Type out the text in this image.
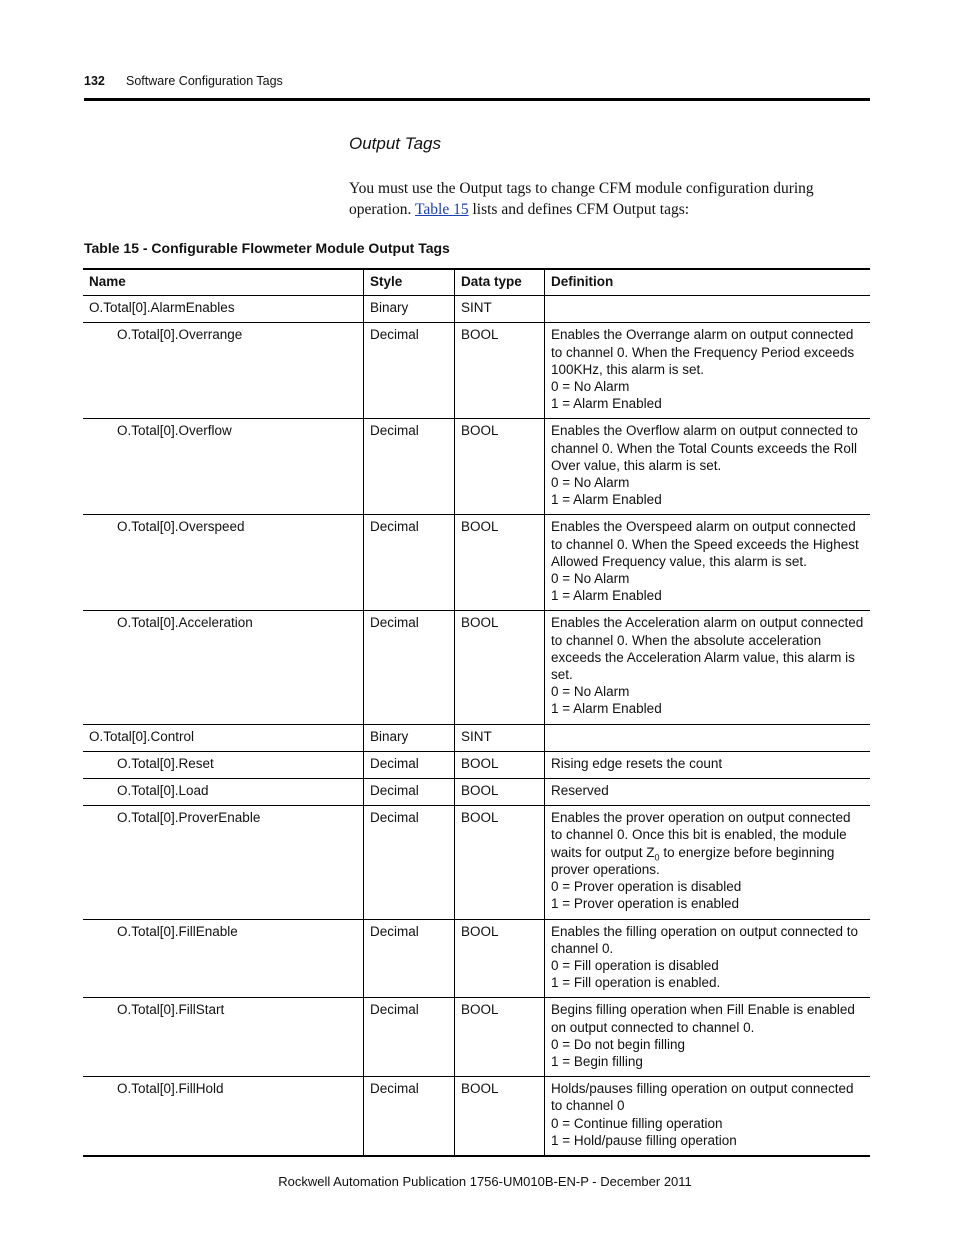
132 Software Configuration Tags
Output Tags

You must use the Output tags to change CFM module configuration during operation. Table 15 lists and defines CFM Output tags:

Table 15 - Configurable Flowmeter Module Output Tags
Name	Style	Data type	Definition
O.Total[0].AlarmEnables	Binary	SINT	
O.Total[0].Overrange	Decimal	BOOL	Enables the Overrange alarm on output connected to channel 0. When the Frequency Period exceeds 100KHz, this alarm is set.
0 = No Alarm
1 = Alarm Enabled

O.Total[0].Overflow	Decimal	BOOL	Enables the Overflow alarm on output connected to channel 0. When the Total Counts exceeds the Roll Over value, this alarm is set.
0 = No Alarm
1 = Alarm Enabled

O.Total[0].Overspeed	Decimal	BOOL	Enables the Overspeed alarm on output connected to channel 0. When the Speed exceeds the Highest Allowed Frequency value, this alarm is set.
0 = No Alarm
1 = Alarm Enabled

O.Total[0].Acceleration	Decimal	BOOL	Enables the Acceleration alarm on output connected to channel 0. When the absolute acceleration exceeds the Acceleration Alarm value, this alarm is set.
0 = No Alarm
1 = Alarm Enabled

O.Total[0].Control	Binary	SINT	
O.Total[0].Reset	Decimal	BOOL	Rising edge resets the count

O.Total[0].Load	Decimal	BOOL	Reserved

O.Total[0].ProverEnable	Decimal	BOOL	Enables the prover operation on output connected to channel 0. Once this bit is enabled, the module waits for output $Z_0$ to energize before beginning prover operations.
0 = Prover operation is disabled
1 = Prover operation is enabled

O.Total[0].FillEnable	Decimal	BOOL	Enables the filling operation on output connected to channel 0.
0 = Fill operation is disabled
1 = Fill operation is enabled.

O.Total[0].FillStart	Decimal	BOOL	Begins filling operation when Fill Enable is enabled on output connected to channel 0.
0 = Do not begin filling
1 = Begin filling

O.Total[0].FillHold	Decimal	BOOL	Holds/pauses filling operation on output connected to channel 0
0 = Continue filling operation
1 = Hold/pause filling operation
Rockwell Automation Publication 1756-UM010B-EN-P - December 2011
